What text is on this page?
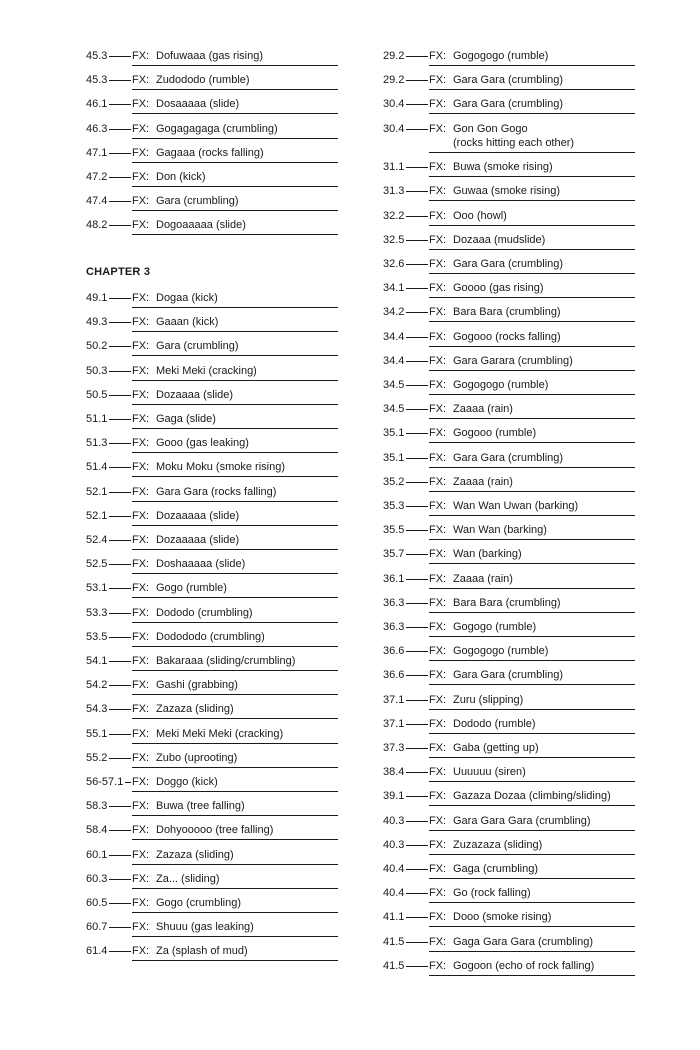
45.3 FX: Dofuwaaa (gas rising)
45.3 FX: Zudododo (rumble)
46.1 FX: Dosaaaaa (slide)
46.3 FX: Gogagagaga (crumbling)
47.1 FX: Gagaaa (rocks falling)
47.2 FX: Don (kick)
47.4 FX: Gara (crumbling)
48.2 FX: Dogoaaaaa (slide)
CHAPTER 3
49.1 FX: Dogaa (kick)
49.3 FX: Gaaan (kick)
50.2 FX: Gara (crumbling)
50.3 FX: Meki Meki (cracking)
50.5 FX: Dozaaaa (slide)
51.1 FX: Gaga (slide)
51.3 FX: Gooo (gas leaking)
51.4 FX: Moku Moku (smoke rising)
52.1 FX: Gara Gara (rocks falling)
52.1 FX: Dozaaaaa (slide)
52.4 FX: Dozaaaaa (slide)
52.5 FX: Doshaaaaa (slide)
53.1 FX: Gogo (rumble)
53.3 FX: Dododo (crumbling)
53.5 FX: Dodododo (crumbling)
54.1 FX: Bakaraaa (sliding/crumbling)
54.2 FX: Gashi (grabbing)
54.3 FX: Zazaza (sliding)
55.1 FX: Meki Meki Meki (cracking)
55.2 FX: Zubo (uprooting)
56-57.1 FX: Doggo (kick)
58.3 FX: Buwa (tree falling)
58.4 FX: Dohyooooo (tree falling)
60.1 FX: Zazaza (sliding)
60.3 FX: Za... (sliding)
60.5 FX: Gogo (crumbling)
60.7 FX: Shuuu (gas leaking)
61.4 FX: Za (splash of mud)
29.2 FX: Gogogogo (rumble)
29.2 FX: Gara Gara (crumbling)
30.4 FX: Gara Gara (crumbling)
30.4 FX: Gon Gon Gogo
(rocks hitting each other)
31.1 FX: Buwa (smoke rising)
31.3 FX: Guwaa (smoke rising)
32.2 FX: Ooo (howl)
32.5 FX: Dozaaa (mudslide)
32.6 FX: Gara Gara (crumbling)
34.1 FX: Goooo (gas rising)
34.2 FX: Bara Bara (crumbling)
34.4 FX: Gogooo (rocks falling)
34.4 FX: Gara Garara (crumbling)
34.5 FX: Gogogogo (rumble)
34.5 FX: Zaaaa (rain)
35.1 FX: Gogooo (rumble)
35.1 FX: Gara Gara (crumbling)
35.2 FX: Zaaaa (rain)
35.3 FX: Wan Wan Uwan (barking)
35.5 FX: Wan Wan (barking)
35.7 FX: Wan (barking)
36.1 FX: Zaaaa (rain)
36.3 FX: Bara Bara (crumbling)
36.3 FX: Gogogo (rumble)
36.6 FX: Gogogogo (rumble)
36.6 FX: Gara Gara (crumbling)
37.1 FX: Zuru (slipping)
37.1 FX: Dododo (rumble)
37.3 FX: Gaba (getting up)
38.4 FX: Uuuuuu (siren)
39.1 FX: Gazaza Dozaa (climbing/sliding)
40.3 FX: Gara Gara Gara (crumbling)
40.3 FX: Zuzazaza (sliding)
40.4 FX: Gaga (crumbling)
40.4 FX: Go (rock falling)
41.1 FX: Dooo (smoke rising)
41.5 FX: Gaga Gara Gara (crumbling)
41.5 FX: Gogoon (echo of rock falling)
